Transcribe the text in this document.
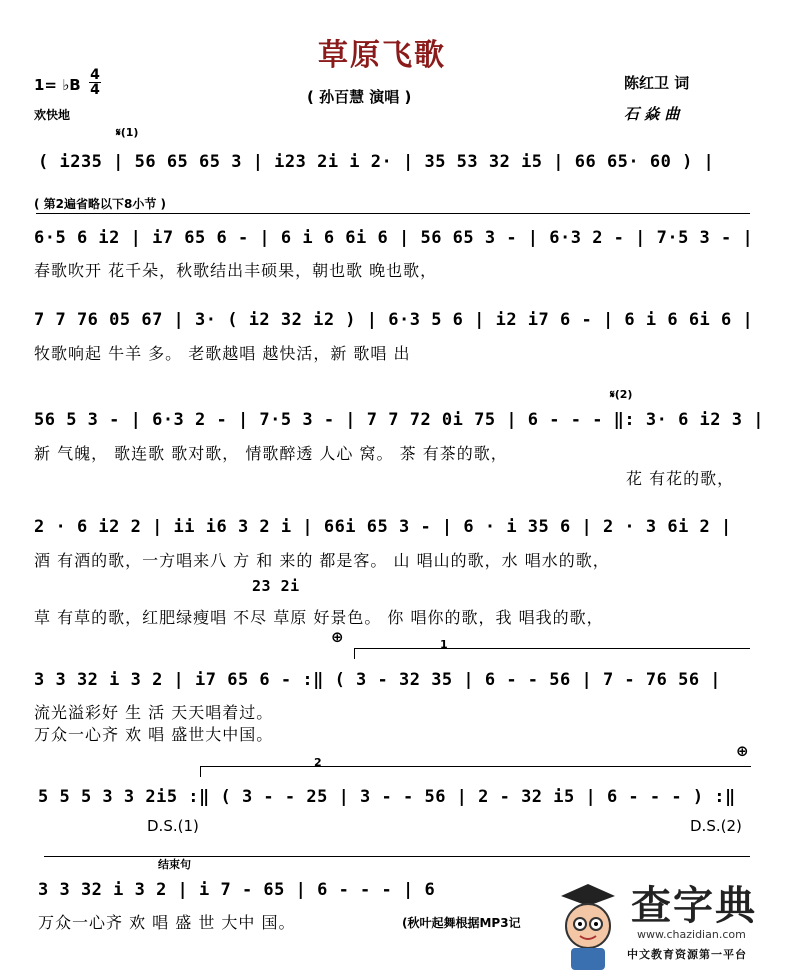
草原飞歌
( 孙百慧 演唱 )
1= ♭B
4
4
欢快地
陈红卫 词
石 焱 曲
𝄋(1)
( i235 | 56 65 65 3 | i23 2i i 2· | 35 53 32 i5 | 66 65· 60 ) |
( 第2遍省略以下8小节 )
6·5 6 i2 | i7 65 6 - | 6 i 6 6i 6 | 56 65 3 - | 6·3 2 - | 7·5 3 - |
春歌吹开 花千朵，秋歌结出丰硕果，朝也歌 晚也歌，
7 7 76 05 67 | 3· ( i2 32 i2 ) | 6·3 5 6 | i2 i7 6 - | 6 i 6 6i 6 |
牧歌响起 牛羊 多。 老歌越唱 越快活，新 歌唱 出
𝄋(2)
56 5 3 - | 6·3 2 - | 7·5 3 - | 7 7 72 0i 75 | 6 - - - ‖: 3· 6 i2 3 |
新 气魄， 歌连歌 歌对歌， 情歌醉透 人心 窝。 茶 有茶的歌，
花 有花的歌，
2 · 6 i2 2 | ii i6 3 2 i | 66i 65 3 - | 6 · i 35 6 | 2 · 3 6i 2 |
酒 有酒的歌，一方唱来八 方 和 来的 都是客。 山 唱山的歌，水 唱水的歌，
23 2i
草 有草的歌，红肥绿瘦唱 不尽 草原 好景色。 你 唱你的歌，我 唱我的歌，
⊕	1
3 3 32 i 3 2 | i7 65 6 - :‖ ( 3 - 32 35 | 6 - - 56 | 7 - 76 56 |
流光溢彩好 生 活 天天唱着过。
万众一心齐 欢 唱 盛世大中国。
⊕
2
5 5 5 3 3 2i5 :‖ ( 3 - - 25 | 3 - - 56 | 2 - 32 i5 | 6 - - - ) :‖
D.S.(1)	D.S.(2)
结束句
3 3 32 i 3 2 | i 7 - 65 | 6 - - - | 6
万众一心齐 欢 唱 盛 世 大中 国。	(秋叶起舞根据MP3记	查字典
www.chazidian.com
中文教育资源第一平台
